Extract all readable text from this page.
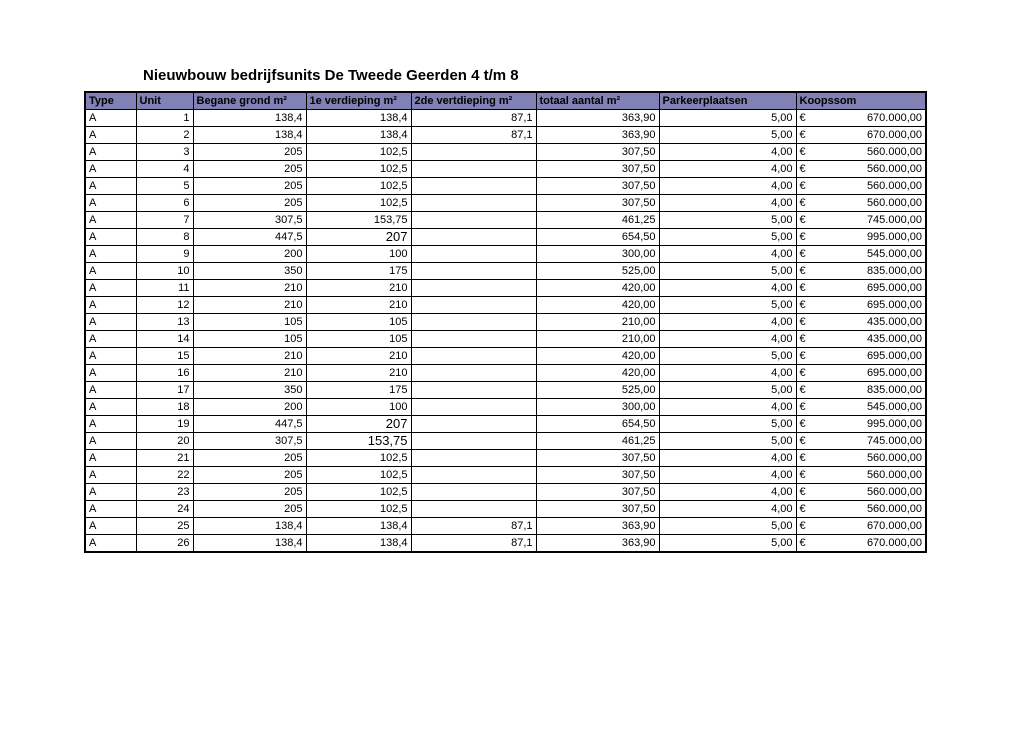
Nieuwbouw bedrijfsunits De Tweede Geerden 4 t/m 8
Type	Unit	Begane grond m²	1e verdieping m²	2de vertdieping m²	totaal aantal m²	Parkeerplaatsen	Koopssom
A	1	138,4	138,4	87,1	363,90	5,00	€ 670.000,00
A	2	138,4	138,4	87,1	363,90	5,00	€ 670.000,00
A	3	205	102,5		307,50	4,00	€ 560.000,00
A	4	205	102,5		307,50	4,00	€ 560.000,00
A	5	205	102,5		307,50	4,00	€ 560.000,00
A	6	205	102,5		307,50	4,00	€ 560.000,00
A	7	307,5	153,75		461,25	5,00	€ 745.000,00
A	8	447,5	207		654,50	5,00	€ 995.000,00
A	9	200	100		300,00	4,00	€ 545.000,00
A	10	350	175		525,00	5,00	€ 835.000,00
A	11	210	210		420,00	4,00	€ 695.000,00
A	12	210	210		420,00	5,00	€ 695.000,00
A	13	105	105		210,00	4,00	€ 435.000,00
A	14	105	105		210,00	4,00	€ 435.000,00
A	15	210	210		420,00	5,00	€ 695.000,00
A	16	210	210		420,00	4,00	€ 695.000,00
A	17	350	175		525,00	5,00	€ 835.000,00
A	18	200	100		300,00	4,00	€ 545.000,00
A	19	447,5	207		654,50	5,00	€ 995.000,00
A	20	307,5	153,75		461,25	5,00	€ 745.000,00
A	21	205	102,5		307,50	4,00	€ 560.000,00
A	22	205	102,5		307,50	4,00	€ 560.000,00
A	23	205	102,5		307,50	4,00	€ 560.000,00
A	24	205	102,5		307,50	4,00	€ 560.000,00
A	25	138,4	138,4	87,1	363,90	5,00	€ 670.000,00
A	26	138,4	138,4	87,1	363,90	5,00	€ 670.000,00
